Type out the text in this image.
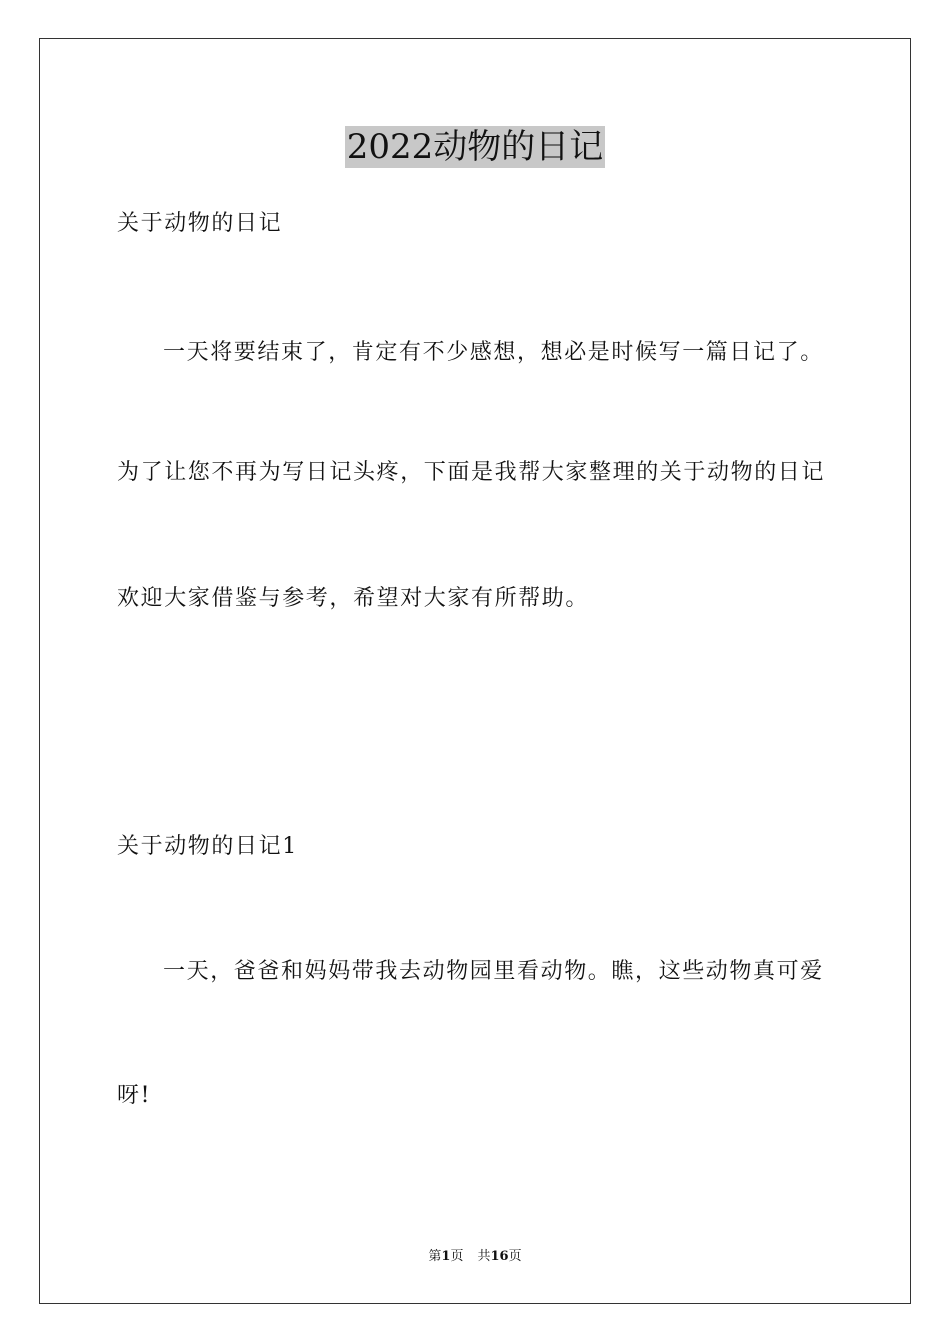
2022动物的日记
关于动物的日记
一天将要结束了，肯定有不少感想，想必是时候写一篇日记了。
为了让您不再为写日记头疼，下面是我帮大家整理的关于动物的日记
欢迎大家借鉴与参考，希望对大家有所帮助。
关于动物的日记1
一天，爸爸和妈妈带我去动物园里看动物。瞧，这些动物真可爱
呀!
第1页 共16页
